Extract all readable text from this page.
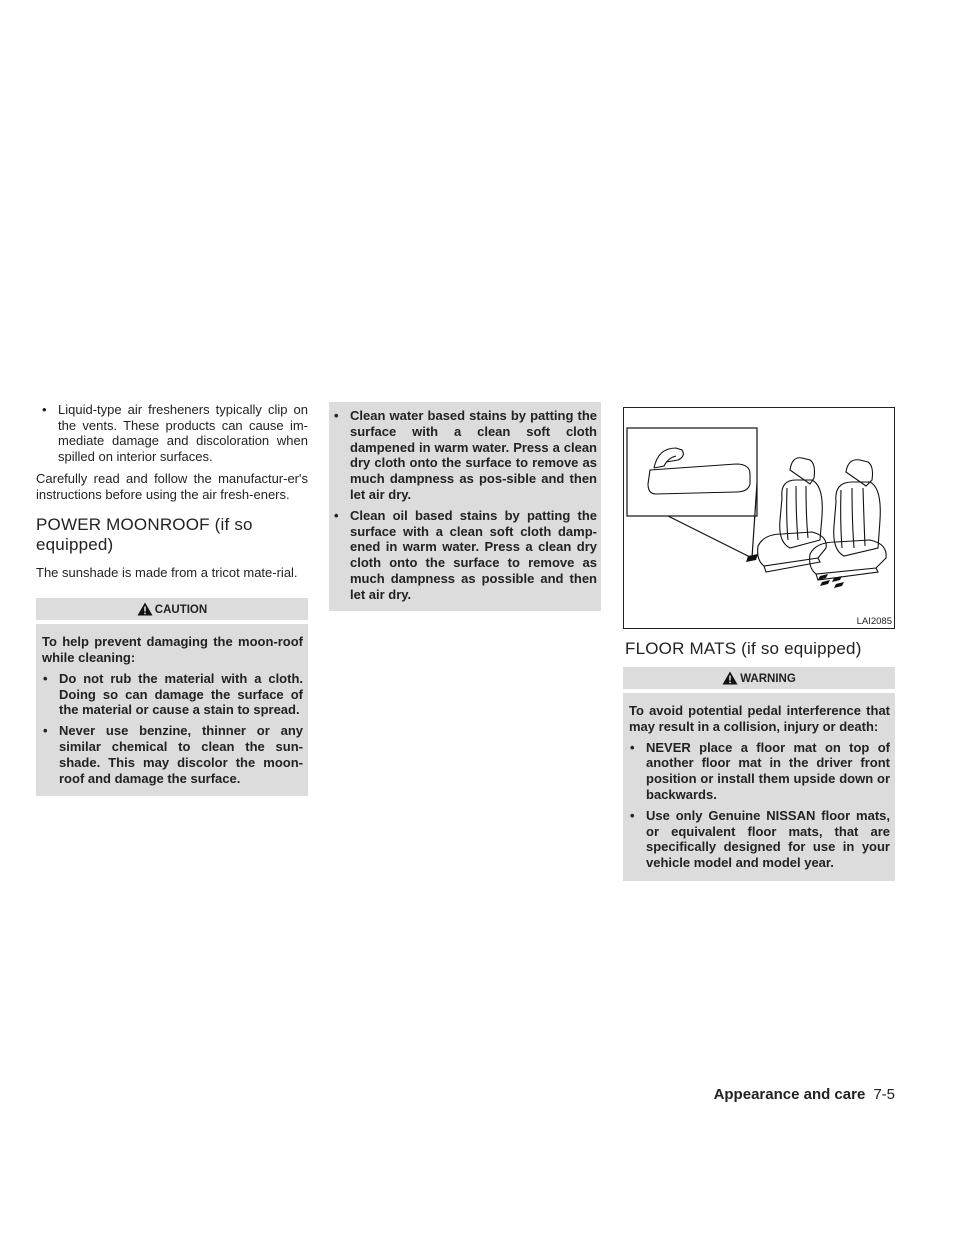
• Liquid-type air fresheners typically clip on the vents. These products can cause im-mediate damage and discoloration when spilled on interior surfaces.

Carefully read and follow the manufactur-er's instructions before using the air fresh-eners.

POWER MOONROOF (if so equipped)

The sunshade is made from a tricot mate-rial.

CAUTION

To help prevent damaging the moon-roof while cleaning:

• Do not rub the material with a cloth. Doing so can damage the surface of the material or cause a stain to spread.
• Never use benzine, thinner or any similar chemical to clean the sun-shade. This may discolor the moon-roof and damage the surface.
• Clean water based stains by patting the surface with a clean soft cloth dampened in warm water. Press a clean dry cloth onto the surface to remove as much dampness as pos-sible and then let air dry.
• Clean oil based stains by patting the surface with a clean soft cloth damp-ened in warm water. Press a clean dry cloth onto the surface to remove as much dampness as possible and then let air dry.
LAI2085
FLOOR MATS (if so equipped)
WARNING

To avoid potential pedal interference that may result in a collision, injury or death:

• NEVER place a floor mat on top of another floor mat in the driver front position or install them upside down or backwards.
• Use only Genuine NISSAN floor mats, or equivalent floor mats, that are specifically designed for use in your vehicle model and model year.
Appearance and care 7-5
